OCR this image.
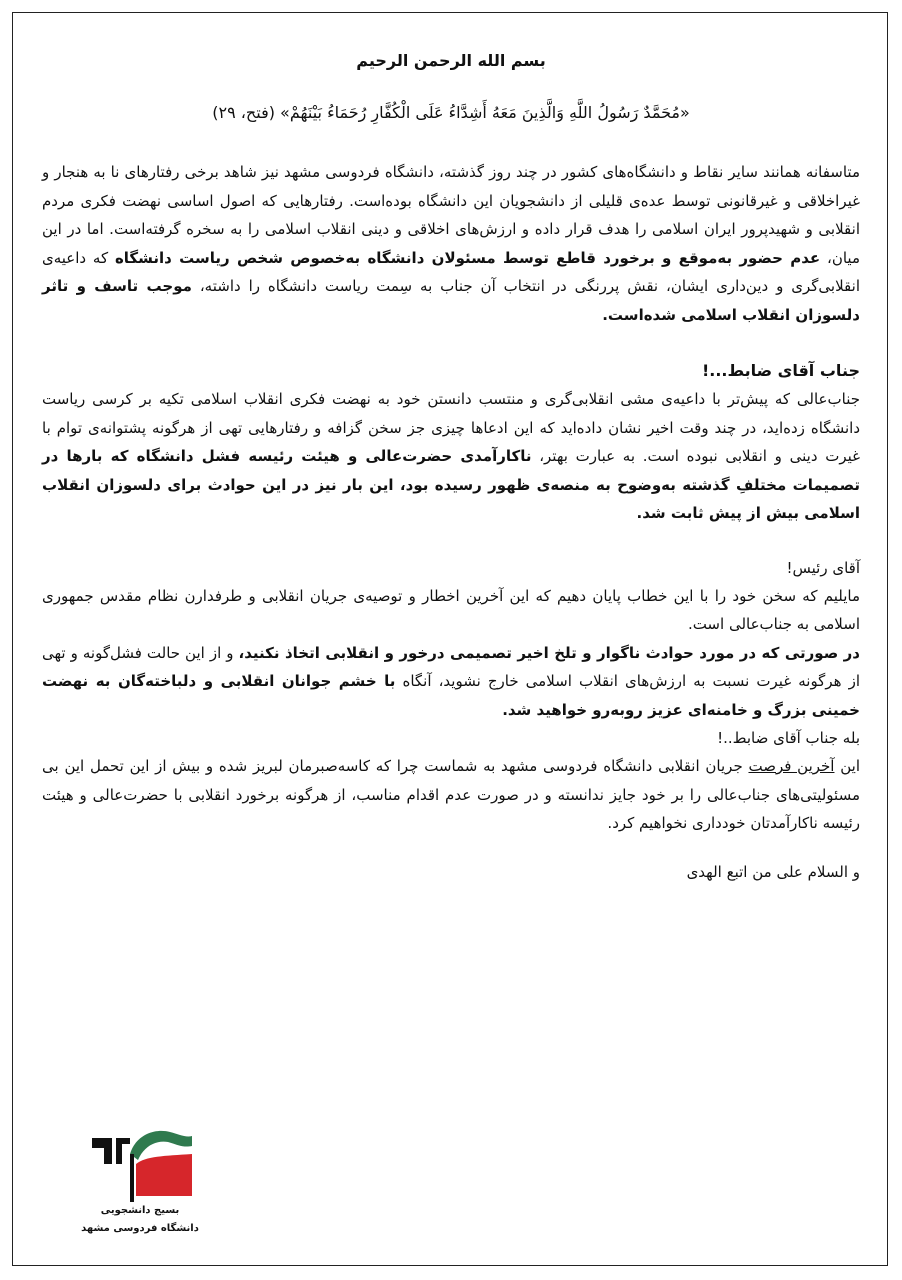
بسم الله الرحمن الرحیم
«مُحَمَّدٌ رَسُولُ اللَّهِ وَالَّذِینَ مَعَهُ أَشِدَّاءُ عَلَى الْکُفَّارِ رُحَمَاءُ بَیْنَهُمْ» (فتح، ۲۹)

متاسفانه همانند سایر نقاط و دانشگاه‌های کشور در چند روز گذشته، دانشگاه فردوسی مشهد نیز شاهد برخی رفتارهای نا به هنجار و غیراخلاقی و غیرقانونی توسط عده‌ی قلیلی از دانشجویان این دانشگاه بوده‌است. رفتارهایی که اصول اساسی نهضت فکری مردم انقلابی و شهیدپرور ایران اسلامی را هدف قرار داده و ارزش‌های اخلاقی و دینی انقلاب اسلامی را به سخره گرفته‌است. اما در این میان، عدم حضور به‌موقع و برخورد قاطع توسط مسئولان دانشگاه به‌خصوص شخص ریاست دانشگاه که داعیه‌ی انقلابی‌گری و دین‌داری ایشان، نقش پررنگی در انتخاب آن جناب به سِمت ریاست دانشگاه را داشته، موجب تاسف و تاثر دلسوزان انقلاب اسلامی شده‌است.

جناب آقای ضابط...!

جناب‌عالی که پیش‌تر با داعیه‌ی مشی انقلابی‌گری و منتسب دانستن خود به نهضت فکری انقلاب اسلامی تکیه بر کرسی ریاست دانشگاه زده‌اید، در چند وقت اخیر نشان داده‌اید که این ادعاها چیزی جز سخن گزافه و رفتارهایی تهی از هرگونه پشتوانه‌ی توام با غیرت دینی و انقلابی نبوده است. به عبارت بهتر، ناکارآمدی حضرت‌عالی و هیئت رئیسه فشل دانشگاه که بارها در تصمیمات مختلفِ گذشته به‌وضوح به منصه‌ی ظهور رسیده بود، این بار نیز در این حوادث برای دلسوزان انقلاب اسلامی بیش از پیش ثابت شد.

آقای رئیس!

مایلیم که سخن خود را با این خطاب پایان دهیم که این آخرین اخطار و توصیه‌ی جریان انقلابی و طرفدارن نظام مقدس جمهوری اسلامی به جناب‌عالی است.

در صورتی که در مورد حوادث ناگوار و تلخ اخیر تصمیمی درخور و انقلابی اتخاذ نکنید، و از این حالت فشل‌گونه و تهی از هرگونه غیرت نسبت به ارزش‌های انقلاب اسلامی خارج نشوید، آنگاه با خشم جوانان انقلابی و دلباخته‌گان به نهضت خمینی بزرگ و خامنه‌ای عزیز روبه‌رو خواهید شد.

بله جناب آقای ضابط..!

این آخرین فرصت جریان انقلابی دانشگاه فردوسی مشهد به شماست چرا که کاسه‌صبرمان لبریز شده و بیش از این تحمل این بی مسئولیتی‌های جناب‌عالی را بر خود جایز ندانسته و در صورت عدم اقدام مناسب، از هرگونه برخورد انقلابی با حضرت‌عالی و هیئت رئیسه ناکارآمدتان خودداری نخواهیم کرد.

و السلام علی من اتبع الهدی
بسیج دانشجویی
دانشگاه فردوسی مشهد
